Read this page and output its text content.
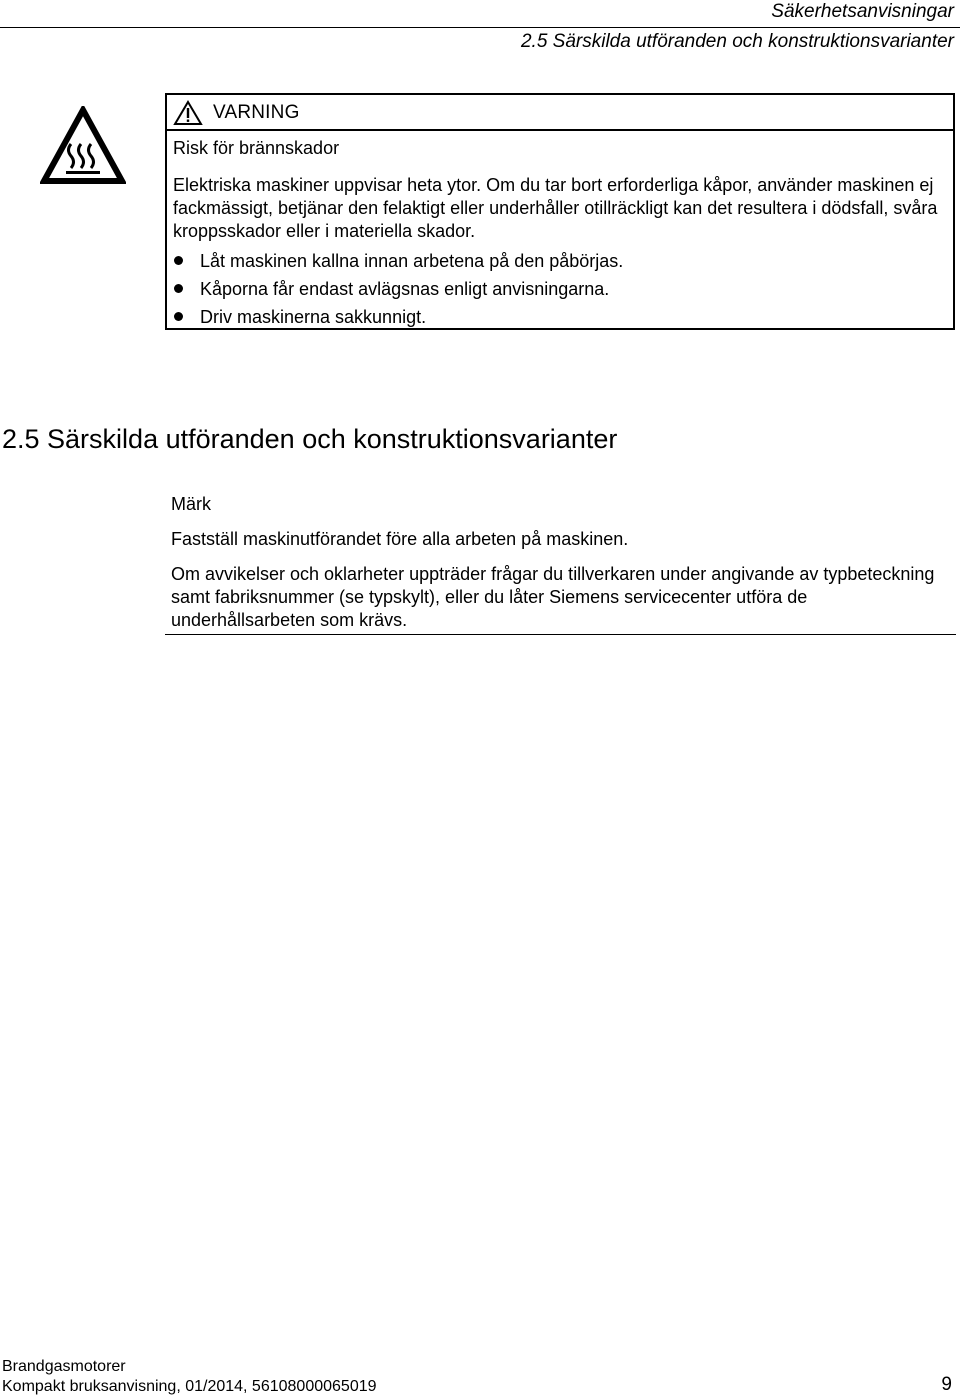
Säkerhetsanvisningar
2.5 Särskilda utföranden och konstruktionsvarianter
VARNING
Risk för brännskador
Elektriska maskiner uppvisar heta ytor. Om du tar bort erforderliga kåpor, använder maskinen ej fackmässigt, betjänar den felaktigt eller underhåller otillräckligt kan det resultera i dödsfall, svåra kroppsskador eller i materiella skador.
Låt maskinen kallna innan arbetena på den påbörjas.
Kåporna får endast avlägsnas enligt anvisningarna.
Driv maskinerna sakkunnigt.
2.5 Särskilda utföranden och konstruktionsvarianter
Märk
Fastställ maskinutförandet före alla arbeten på maskinen.
Om avvikelser och oklarheter uppträder frågar du tillverkaren under angivande av typbeteckning samt fabriksnummer (se typskylt), eller du låter Siemens servicecenter utföra de underhållsarbeten som krävs.
Brandgasmotorer
Kompakt bruksanvisning, 01/2014, 56108000065019	9
